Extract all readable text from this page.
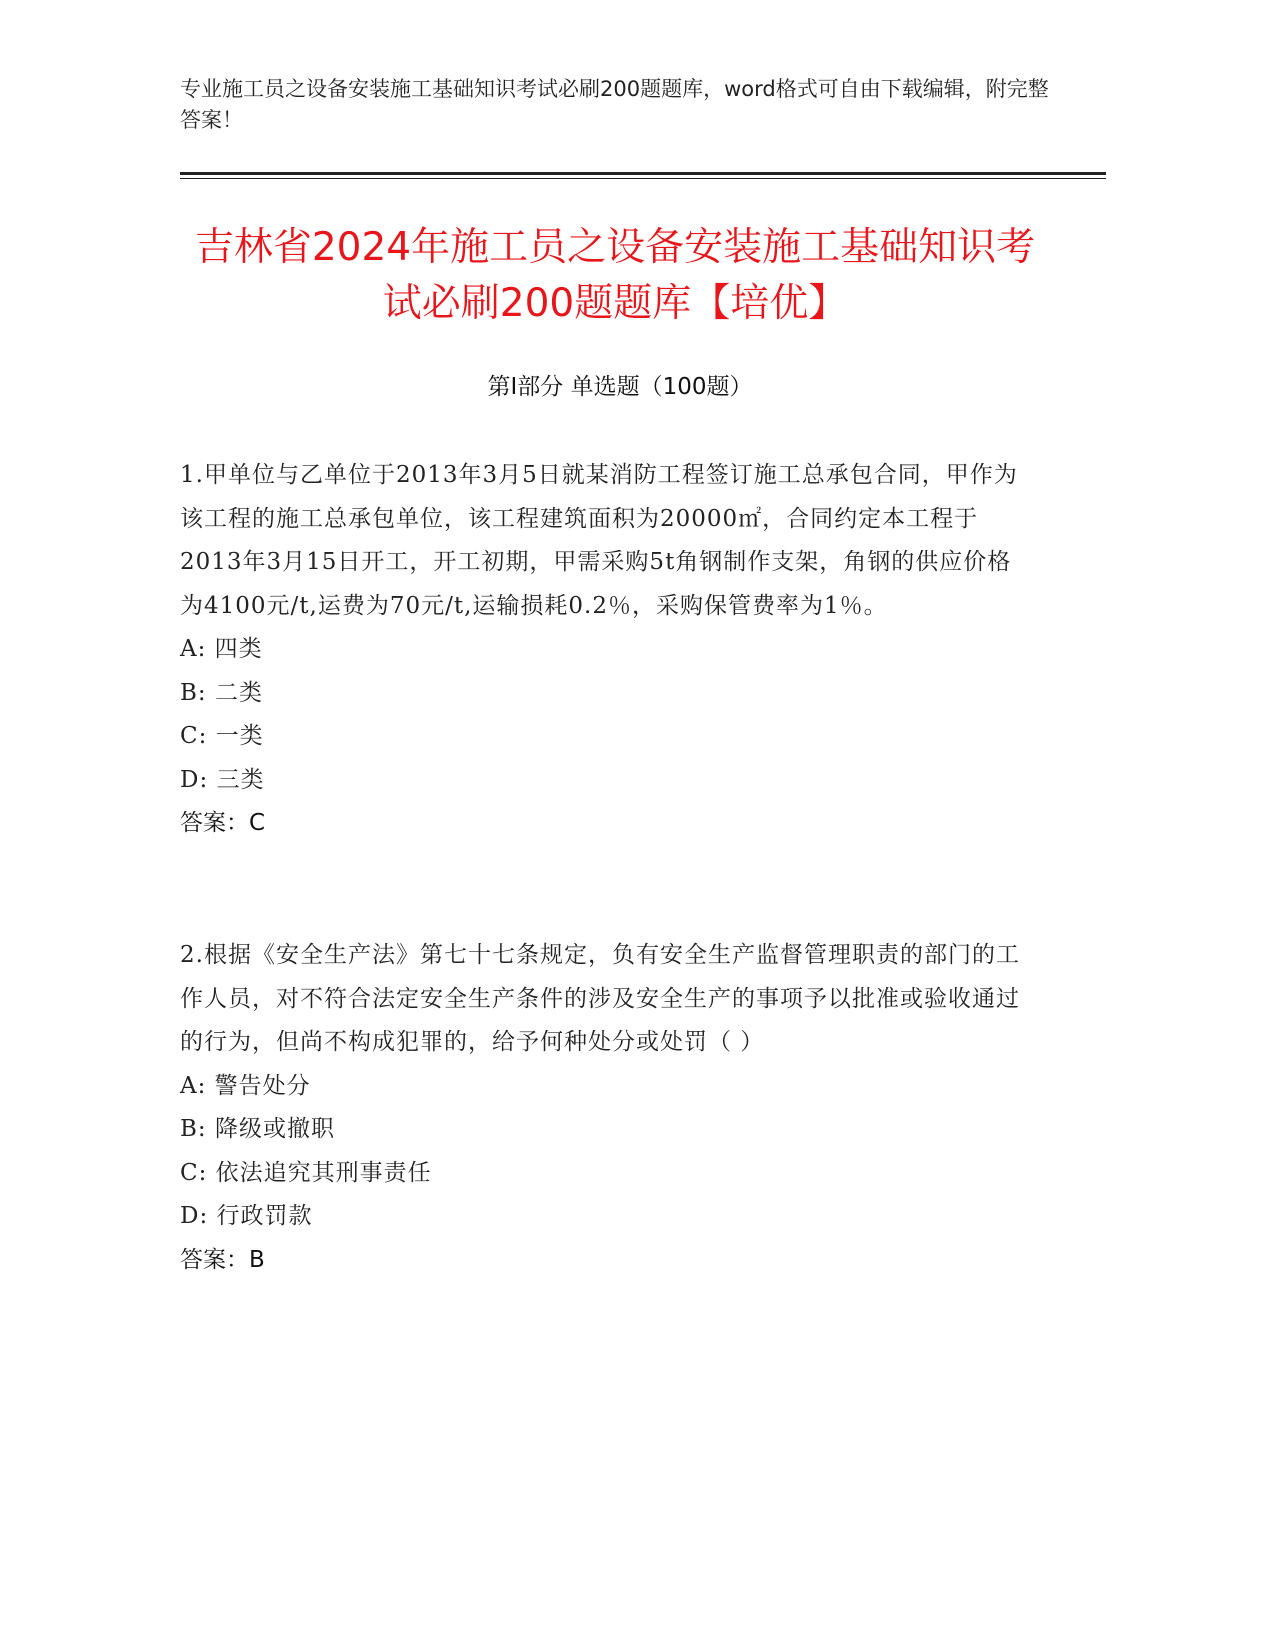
专业施工员之设备安装施工基础知识考试必刷200题题库，word格式可自由下载编辑，附完整答案！
吉林省2024年施工员之设备安装施工基础知识考试必刷200题题库【培优】
第Ⅰ部分 单选题（100题）
1.甲单位与乙单位于2013年3月5日就某消防工程签订施工总承包合同，甲作为该工程的施工总承包单位，该工程建筑面积为20000㎡，合同约定本工程于2013年3月15日开工，开工初期，甲需采购5t角钢制作支架，角钢的供应价格为4100元/t,运费为70元/t,运输损耗0.2％，采购保管费率为1％。
A: 四类
B: 二类
C: 一类
D: 三类
答案：C
2.根据《安全生产法》第七十七条规定，负有安全生产监督管理职责的部门的工作人员，对不符合法定安全生产条件的涉及安全生产的事项予以批准或验收通过的行为，但尚不构成犯罪的，给予何种处分或处罚（ ）
A: 警告处分
B: 降级或撤职
C: 依法追究其刑事责任
D: 行政罚款
答案：B
